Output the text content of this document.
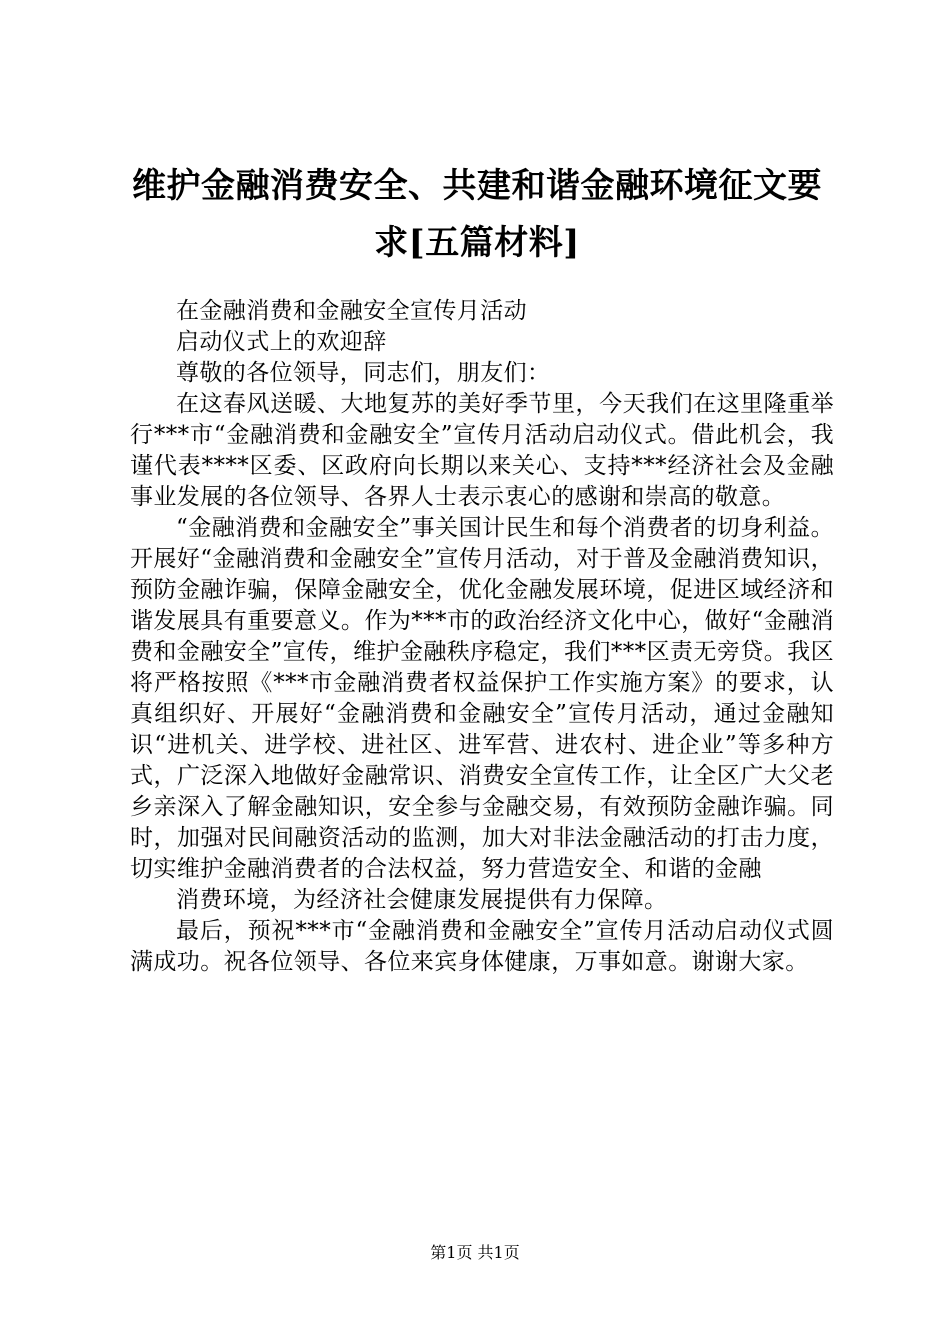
维护金融消费安全、共建和谐金融环境征文要求[五篇材料]

在金融消费和金融安全宣传月活动

启动仪式上的欢迎辞

尊敬的各位领导，同志们，朋友们：

在这春风送暖、大地复苏的美好季节里，今天我们在这里隆重举行***市“金融消费和金融安全”宣传月活动启动仪式。借此机会，我谨代表****区委、区政府向长期以来关心、支持***经济社会及金融事业发展的各位领导、各界人士表示衷心的感谢和崇高的敬意。

“金融消费和金融安全”事关国计民生和每个消费者的切身利益。开展好“金融消费和金融安全”宣传月活动，对于普及金融消费知识，预防金融诈骗，保障金融安全，优化金融发展环境，促进区域经济和谐发展具有重要意义。作为***市的政治经济文化中心，做好“金融消费和金融安全”宣传，维护金融秩序稳定，我们***区责无旁贷。我区将严格按照《***市金融消费者权益保护工作实施方案》的要求，认真组织好、开展好“金融消费和金融安全”宣传月活动，通过金融知识“进机关、进学校、进社区、进军营、进农村、进企业”等多种方式，广泛深入地做好金融常识、消费安全宣传工作，让全区广大父老乡亲深入了解金融知识，安全参与金融交易，有效预防金融诈骗。同时，加强对民间融资活动的监测，加大对非法金融活动的打击力度，切实维护金融消费者的合法权益，努力营造安全、和谐的金融

消费环境，为经济社会健康发展提供有力保障。

最后，预祝***市“金融消费和金融安全”宣传月活动启动仪式圆满成功。祝各位领导、各位来宾身体健康，万事如意。谢谢大家。

第1页 共1页
